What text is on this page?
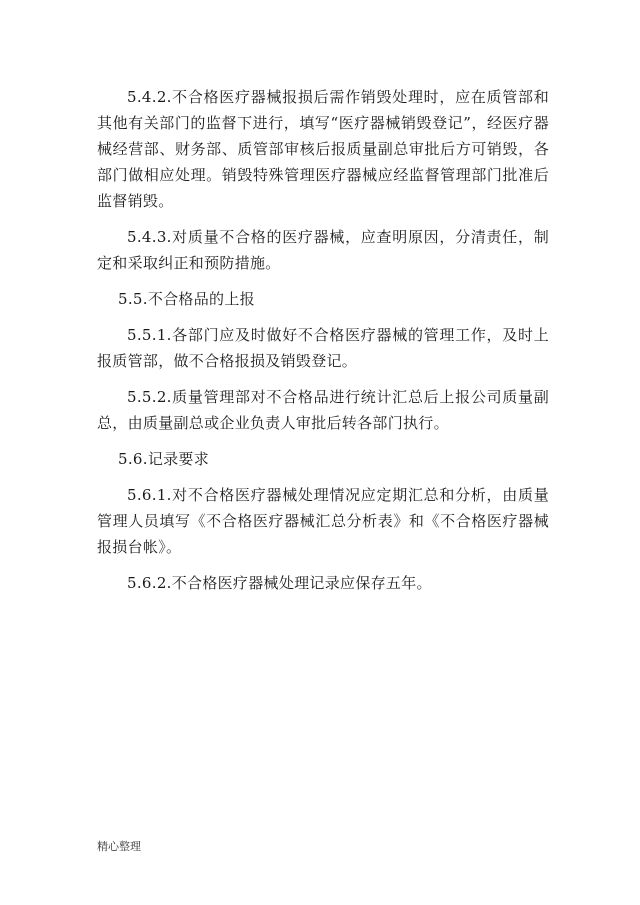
5.4.2.不合格医疗器械报损后需作销毁处理时，应在质管部和其他有关部门的监督下进行，填写“医疗器械销毁登记”，经医疗器械经营部、财务部、质管部审核后报质量副总审批后方可销毁，各部门做相应处理。销毁特殊管理医疗器械应经监督管理部门批准后监督销毁。

5.4.3.对质量不合格的医疗器械，应查明原因，分清责任，制定和采取纠正和预防措施。

5.5.不合格品的上报

5.5.1.各部门应及时做好不合格医疗器械的管理工作，及时上报质管部，做不合格报损及销毁登记。

5.5.2.质量管理部对不合格品进行统计汇总后上报公司质量副总，由质量副总或企业负责人审批后转各部门执行。

5.6.记录要求

5.6.1.对不合格医疗器械处理情况应定期汇总和分析，由质量管理人员填写《不合格医疗器械汇总分析表》和《不合格医疗器械报损台帐》。

5.6.2.不合格医疗器械处理记录应保存五年。

精心整理
